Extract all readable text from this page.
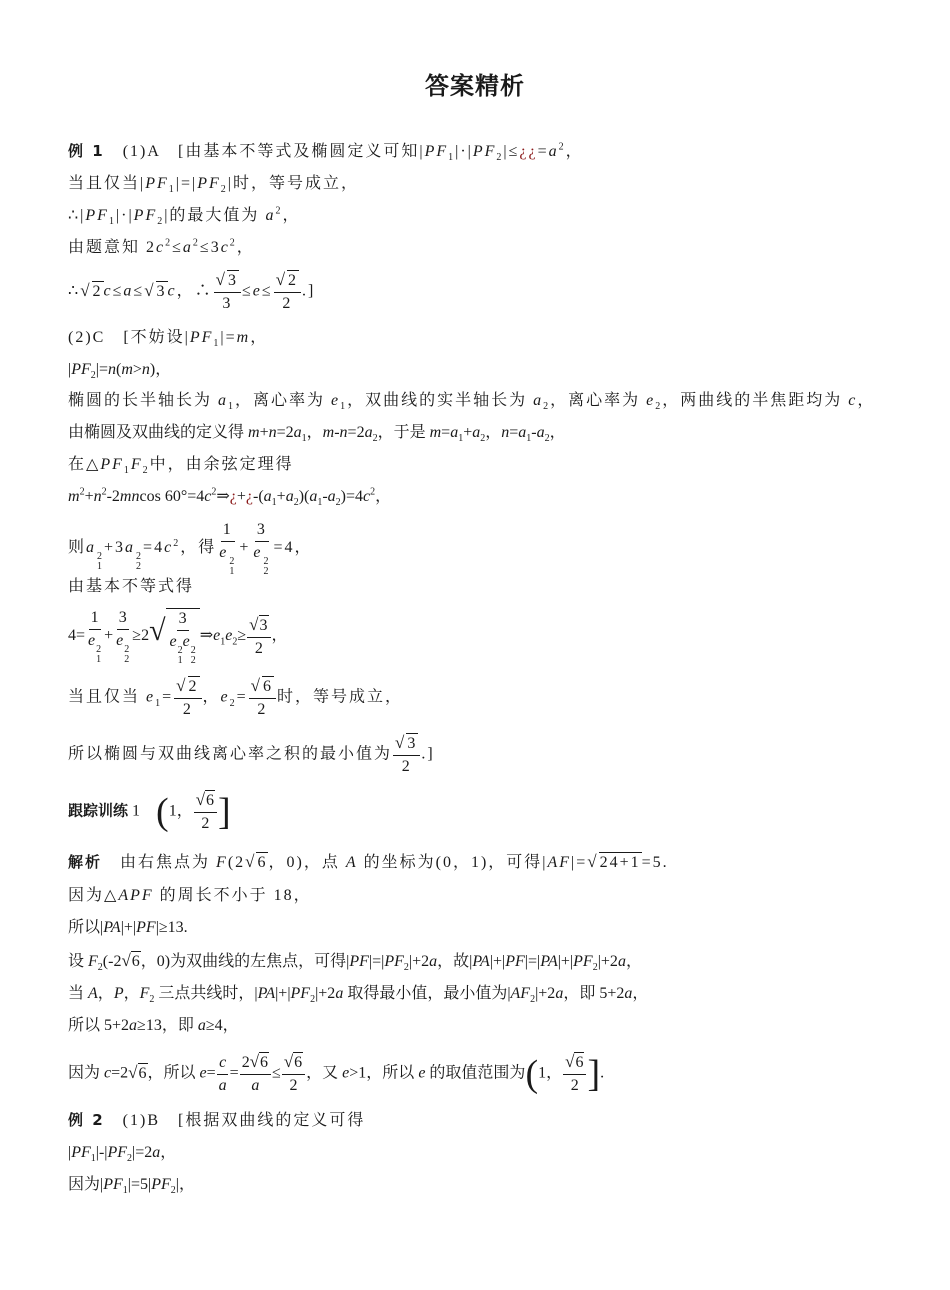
答案精析
例 1　 (1)A　[由基本不等式及椭圆定义可知$|PF_1|\cdot|PF_2|\le¿¿=a^2$，
当且仅当$|PF_1|=|PF_2|$时，等号成立，
$\therefore|PF_1|\cdot|PF_2|$的最大值为 $a^2$，
由题意知 $2c^2\le a^2\le 3c^2$，
∴ √ 2 c≤a≤ √ 3 c，∴ $\frac{√ 3}{3} \le e\le \frac{√ 2}{2}$ .]
(2)C　[不妨设$|PF_1|=m$，
$|PF_2|=n(m>n)$，
椭圆的长半轴长为 $a_1$，离心率为 $e_1$，双曲线的实半轴长为 $a_2$，离心率为 $e_2$，两曲线的半焦距均为 c，
由椭圆及双曲线的定义得 $m+n=2a_1$，$m-n=2a_2$，于是 $m=a_1+a_2$，$n=a_1-a_2$，
在$\triangle PF_1F_2$中，由余弦定理得
$m^2+n^2-2mncos$ $60^\circ=4c^2\Rightarrow¿+¿-(a_1+a_2)(a_1-a_2)=4c^2$，
则a
2
1
+3a
2
2
$=4c^2$，得 1
e
2
1 + 3
e
2
2 =4，
由基本不等式得
4= 1
e
2
1 + 3
e
2
2 ≥2 √ 3
e
2
1
e
2
2 $\Rightarrow e_1e_2\ge \frac{√ 3}{2}$ ，
当且仅当 $e_1= \frac{√ 2}{2}$ ，$e_2= \frac{√ 6}{2}$ 时，等号成立，
所以椭圆与双曲线离心率之积的最小值为 $\frac{√ 3}{2}$ .]
跟踪训练 1　 (1， $\frac{√ 6}{2}$ ]
解析　由右焦点为 F(2 √ 6 ，0)，点 A 的坐标为(0，1)，可得|AF|= √ 24+1 =5.
因为△APF 的周长不小于 18，
所以|PA|+|PF|≥13.
设 $F_2(-2$ √ 6 ，0)为双曲线的左焦点，可得$|PF|=|PF_2|+2a$，故$|PA|+|PF|=|PA|+|PF_2|+2a$，
当 A，P，$F_2$ 三点共线时，$|PA|+|PF_2|+2a$ 取得最小值，最小值为$|AF_2|+2a$，即 5+2a，
所以 5+2a≥13，即 a≥4，
因为 c=2 √ 6 ，所以 $e= \frac{c}{a} = \frac{2 √ 6}{a} \le \frac{√ 6}{2}$ ，又 e>1，所以 e 的取值范围为(1， $\frac{√ 6}{2}$ ].
例 2　(1)B　[根据双曲线的定义可得
$|PF_1|-|PF_2|=2a$，
因为$|PF_1|=5|PF_2|$，
